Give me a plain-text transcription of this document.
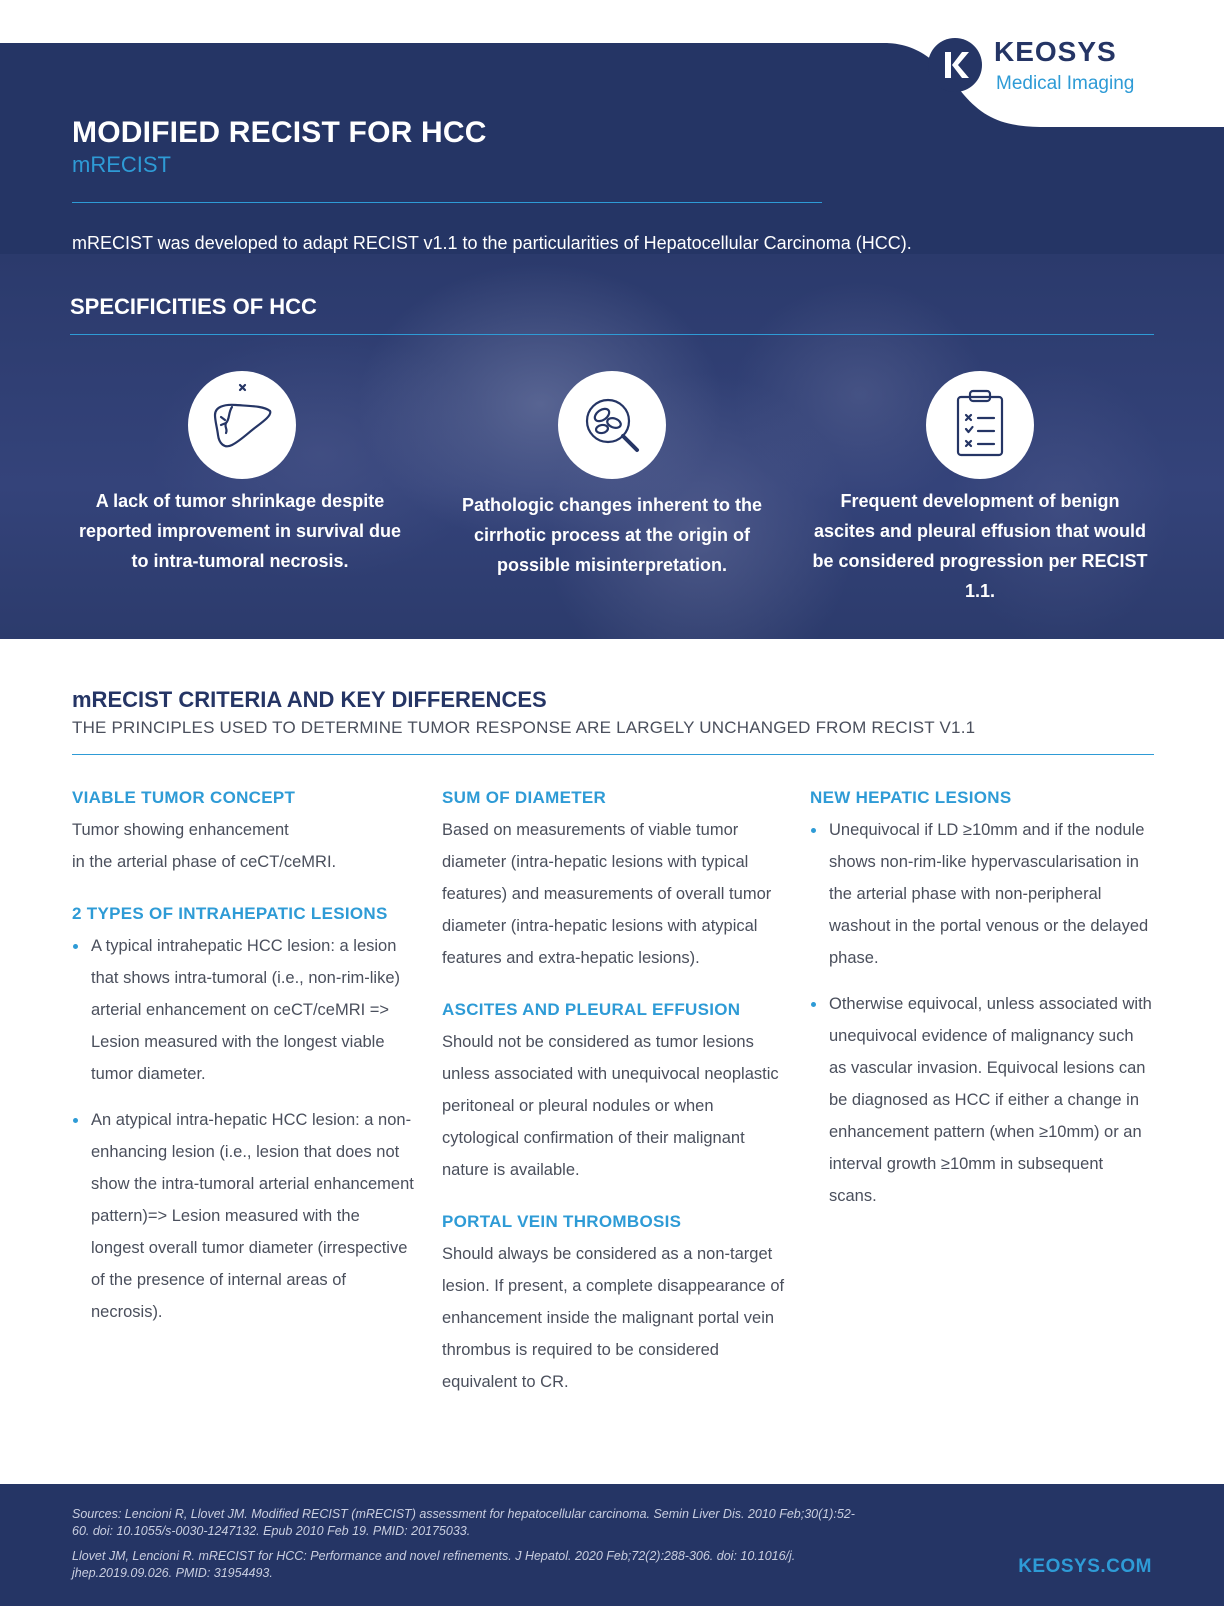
MODIFIED RECIST FOR HCC
mRECIST
mRECIST was developed to adapt RECIST v1.1 to the particularities of Hepatocellular Carcinoma (HCC).
KEOSYS
Medical Imaging
SPECIFICITIES OF HCC
A lack of tumor shrinkage despite reported improvement in survival due to intra-tumoral necrosis.
Pathologic changes inherent to the cirrhotic process at the origin of possible misinterpretation.
Frequent development of benign ascites and pleural effusion that would be considered progression per RECIST 1.1.
mRECIST CRITERIA AND KEY DIFFERENCES
THE PRINCIPLES USED TO DETERMINE TUMOR RESPONSE ARE LARGELY UNCHANGED FROM RECIST V1.1
VIABLE TUMOR CONCEPT
Tumor showing enhancement
in the arterial phase of ceCT/ceMRI.
2 TYPES OF INTRAHEPATIC LESIONS
A typical intrahepatic HCC lesion: a lesion that shows intra-tumoral (i.e., non-rim-like) arterial enhancement on ceCT/ceMRI => Lesion measured with the longest viable tumor diameter.
An atypical intra-hepatic HCC lesion: a non-enhancing lesion (i.e., lesion that does not show the intra-tumoral arterial enhancement pattern)=> Lesion measured with the longest overall tumor diameter (irrespective of the presence of internal areas of necrosis).
SUM OF DIAMETER
Based on measurements of viable tumor diameter (intra-hepatic lesions with typical features) and measurements of overall tumor diameter (intra-hepatic lesions with atypical features and extra-hepatic lesions).
ASCITES AND PLEURAL EFFUSION
Should not be considered as tumor lesions unless associated with unequivocal neoplastic peritoneal or pleural nodules or when cytological confirmation of their malignant nature is available.
PORTAL VEIN THROMBOSIS
Should always be considered as a non-target lesion. If present, a complete disappearance of enhancement inside the malignant portal vein thrombus is required to be considered equivalent to CR.
NEW HEPATIC LESIONS
Unequivocal if LD ≥10mm and if the nodule shows non-rim-like hypervascularisation in the arterial phase with non-peripheral washout in the portal venous or the delayed phase.
Otherwise equivocal, unless associated with unequivocal evidence of malignancy such as vascular invasion. Equivocal lesions can be diagnosed as HCC if either a change in enhancement pattern (when ≥10mm) or an interval growth ≥10mm in subsequent scans.
Sources: Lencioni R, Llovet JM. Modified RECIST (mRECIST) assessment for hepatocellular carcinoma. Semin Liver Dis. 2010 Feb;30(1):52-60. doi: 10.1055/s-0030-1247132. Epub 2010 Feb 19. PMID: 20175033.
Llovet JM, Lencioni R. mRECIST for HCC: Performance and novel refinements. J Hepatol. 2020 Feb;72(2):288-306. doi: 10.1016/j. jhep.2019.09.026. PMID: 31954493.	KEOSYS.COM
